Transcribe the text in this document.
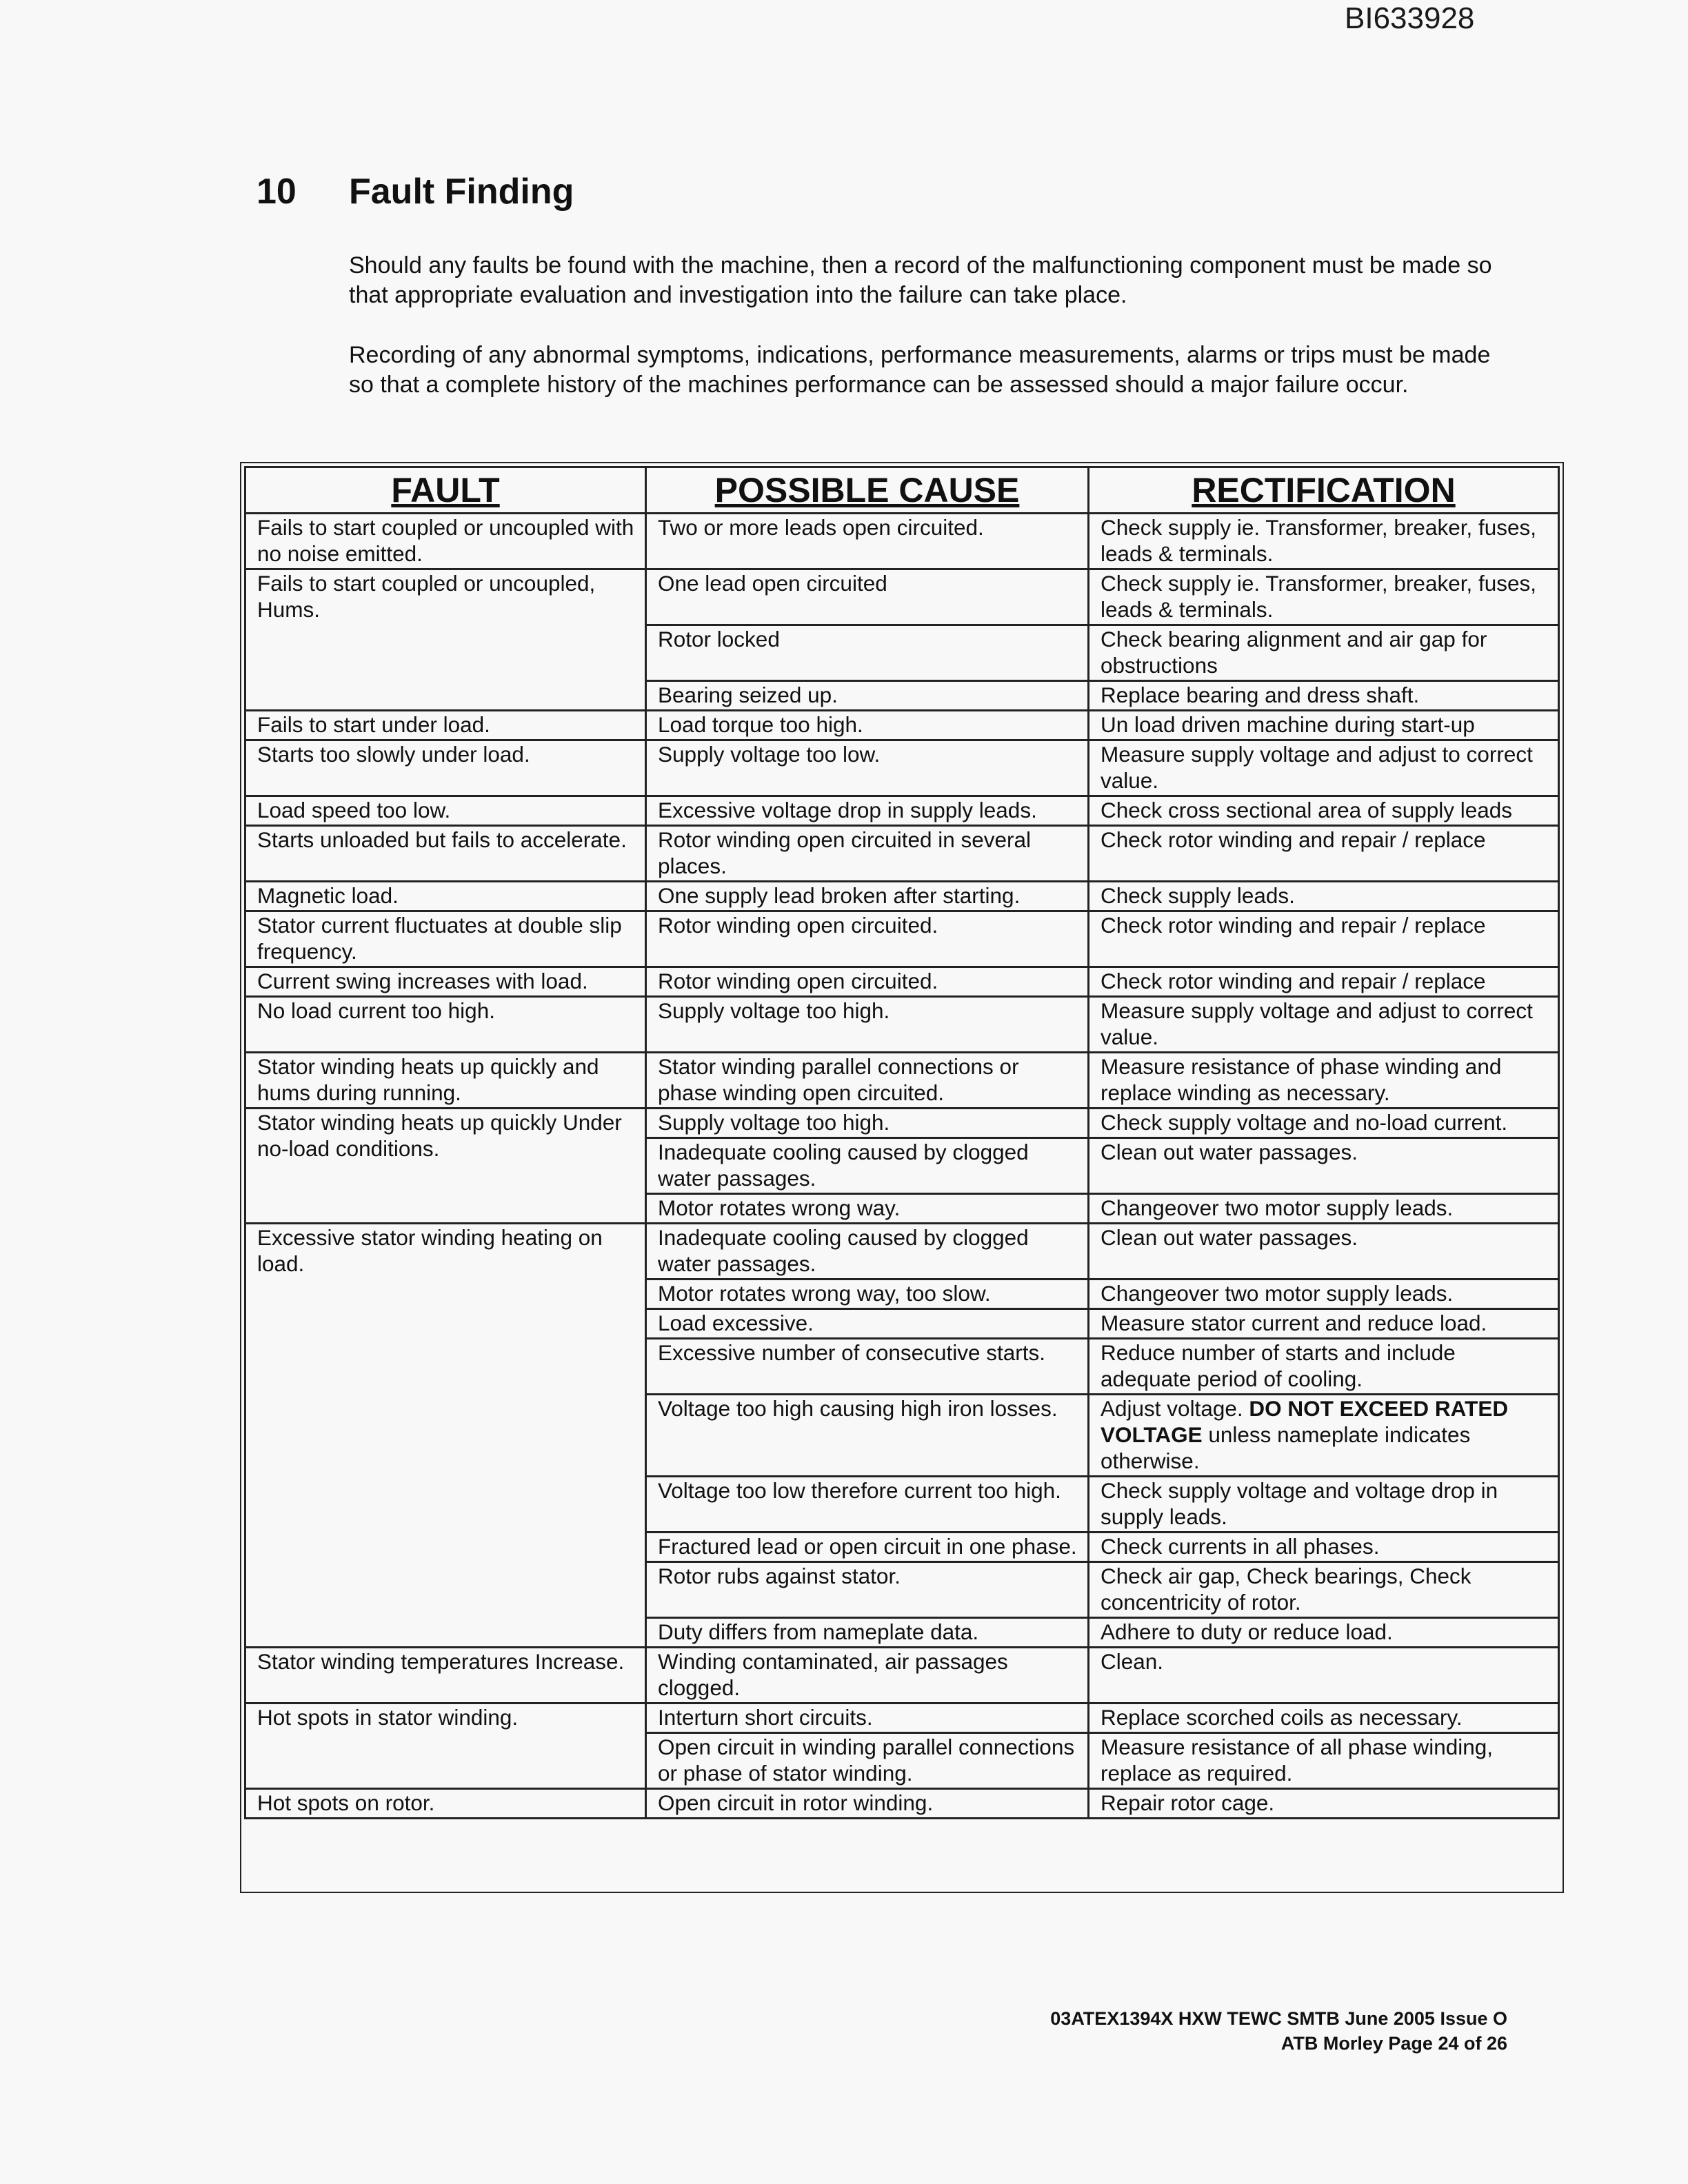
BI633928
10 Fault Finding

Should any faults be found with the machine, then a record of the malfunctioning component must be made so that appropriate evaluation and investigation into the failure can take place.

Recording of any abnormal symptoms, indications, performance measurements, alarms or trips must be made so that a complete history of the machines performance can be assessed should a major failure occur.

FAULT	POSSIBLE CAUSE	RECTIFICATION
Fails to start coupled or uncoupled with no noise emitted.	Two or more leads open circuited.	Check supply ie. Transformer, breaker, fuses, leads & terminals.
Fails to start coupled or uncoupled, Hums.	One lead open circuited	Check supply ie. Transformer, breaker, fuses, leads & terminals.
	Rotor locked	Check bearing alignment and air gap for obstructions
	Bearing seized up.	Replace bearing and dress shaft.
Fails to start under load.	Load torque too high.	Un load driven machine during start-up
Starts too slowly under load.	Supply voltage too low.	Measure supply voltage and adjust to correct value.
Load speed too low.	Excessive voltage drop in supply leads.	Check cross sectional area of supply leads
Starts unloaded but fails to accelerate.	Rotor winding open circuited in several places.	Check rotor winding and repair / replace
Magnetic load.	One supply lead broken after starting.	Check supply leads.
Stator current fluctuates at double slip frequency.	Rotor winding open circuited.	Check rotor winding and repair / replace
Current swing increases with load.	Rotor winding open circuited.	Check rotor winding and repair / replace
No load current too high.	Supply voltage too high.	Measure supply voltage and adjust to correct value.
Stator winding heats up quickly and hums during running.	Stator winding parallel connections or phase winding open circuited.	Measure resistance of phase winding and replace winding as necessary.
Stator winding heats up quickly Under no-load conditions.	Supply voltage too high.	Check supply voltage and no-load current.
	Inadequate cooling caused by clogged water passages.	Clean out water passages.
	Motor rotates wrong way.	Changeover two motor supply leads.
Excessive stator winding heating on load.	Inadequate cooling caused by clogged water passages.	Clean out water passages.
	Motor rotates wrong way, too slow.	Changeover two motor supply leads.
	Load excessive.	Measure stator current and reduce load.
	Excessive number of consecutive starts.	Reduce number of starts and include adequate period of cooling.
	Voltage too high causing high iron losses.	Adjust voltage. DO NOT EXCEED RATED VOLTAGE unless nameplate indicates otherwise.
	Voltage too low therefore current too high.	Check supply voltage and voltage drop in supply leads.
	Fractured lead or open circuit in one phase.	Check currents in all phases.
	Rotor rubs against stator.	Check air gap, Check bearings, Check concentricity of rotor.
	Duty differs from nameplate data.	Adhere to duty or reduce load.
Stator winding temperatures Increase.	Winding contaminated, air passages clogged.	Clean.
Hot spots in stator winding.	Interturn short circuits.	Replace scorched coils as necessary.
	Open circuit in winding parallel connections or phase of stator winding.	Measure resistance of all phase winding, replace as required.
Hot spots on rotor.	Open circuit in rotor winding.	Repair rotor cage.
03ATEX1394X HXW TEWC SMTB June 2005 Issue O
ATB Morley Page 24 of 26
